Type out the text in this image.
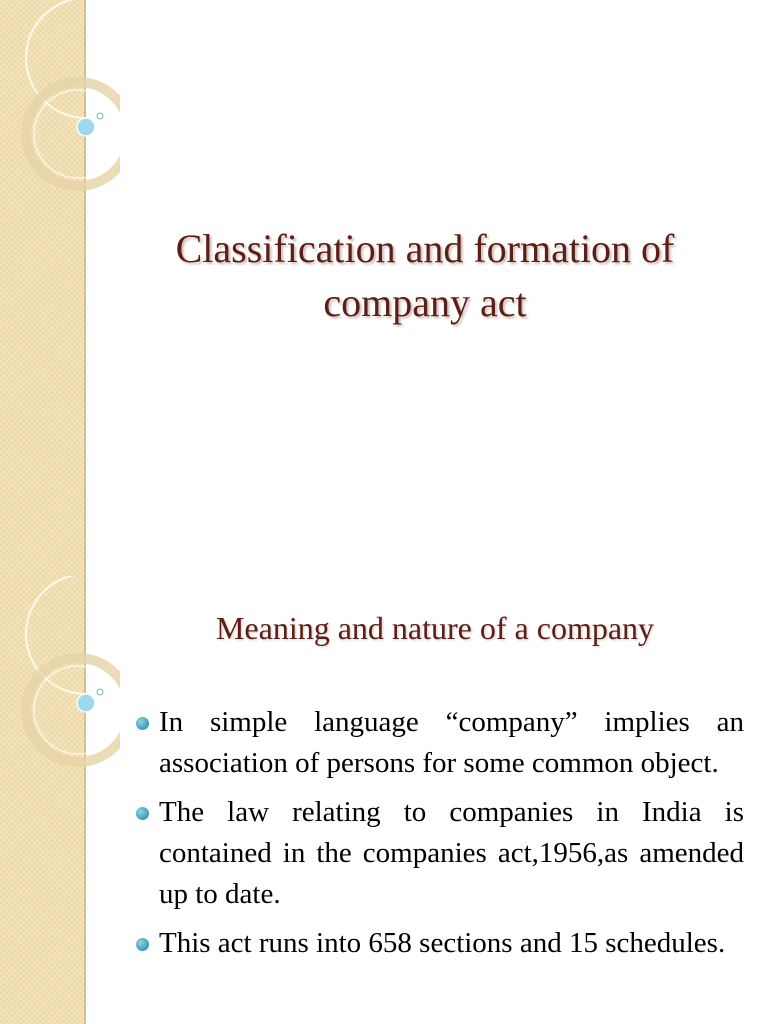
Classification and formation of company act
Meaning and nature of a company
In simple language “company” implies an association of persons for some common object.
The law relating to companies in India is contained in the companies act,1956,as amended up to date.
This act runs into 658 sections and 15 schedules.
